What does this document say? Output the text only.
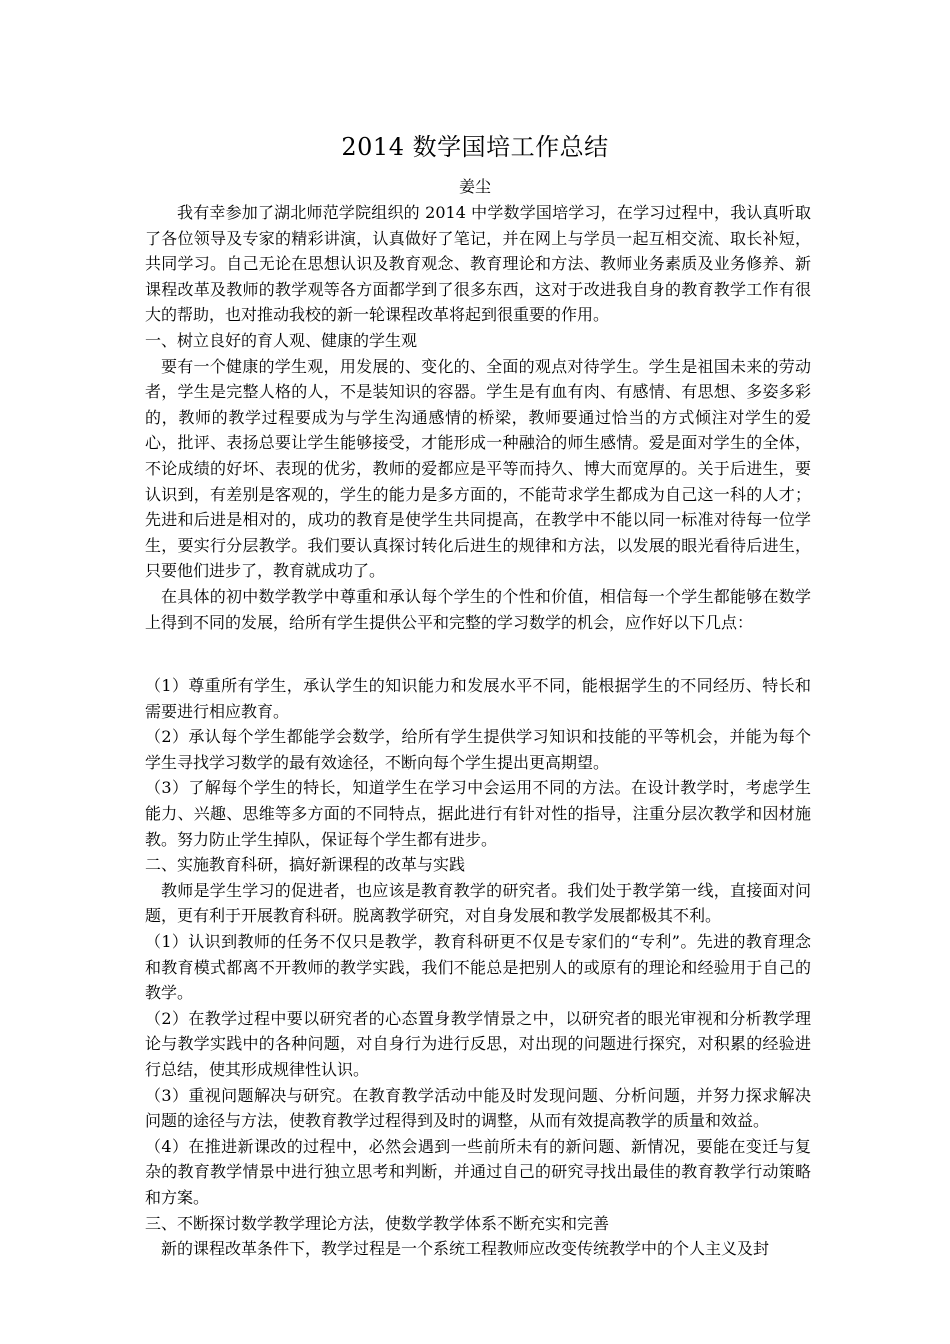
2014 数学国培工作总结
姜尘

我有幸参加了湖北师范学院组织的 2014 中学数学国培学习，在学习过程中，我认真听取了各位领导及专家的精彩讲演，认真做好了笔记，并在网上与学员一起互相交流、取长补短，共同学习。自己无论在思想认识及教育观念、教育理论和方法、教师业务素质及业务修养、新课程改革及教师的教学观等各方面都学到了很多东西，这对于改进我自身的教育教学工作有很大的帮助，也对推动我校的新一轮课程改革将起到很重要的作用。

一、树立良好的育人观、健康的学生观

要有一个健康的学生观，用发展的、变化的、全面的观点对待学生。学生是祖国未来的劳动者，学生是完整人格的人，不是装知识的容器。学生是有血有肉、有感情、有思想、多姿多彩的，教师的教学过程要成为与学生沟通感情的桥梁，教师要通过恰当的方式倾注对学生的爱心，批评、表扬总要让学生能够接受，才能形成一种融洽的师生感情。爱是面对学生的全体，不论成绩的好坏、表现的优劣，教师的爱都应是平等而持久、博大而宽厚的。关于后进生，要认识到，有差别是客观的，学生的能力是多方面的，不能苛求学生都成为自己这一科的人才；先进和后进是相对的，成功的教育是使学生共同提高，在教学中不能以同一标准对待每一位学生，要实行分层教学。我们要认真探讨转化后进生的规律和方法，以发展的眼光看待后进生，只要他们进步了，教育就成功了。

在具体的初中数学教学中尊重和承认每个学生的个性和价值，相信每一个学生都能够在数学上得到不同的发展，给所有学生提供公平和完整的学习数学的机会，应作好以下几点：

（1）尊重所有学生，承认学生的知识能力和发展水平不同，能根据学生的不同经历、特长和需要进行相应教育。

（2）承认每个学生都能学会数学，给所有学生提供学习知识和技能的平等机会，并能为每个学生寻找学习数学的最有效途径，不断向每个学生提出更高期望。

（3）了解每个学生的特长，知道学生在学习中会运用不同的方法。在设计教学时，考虑学生能力、兴趣、思维等多方面的不同特点，据此进行有针对性的指导，注重分层次教学和因材施教。努力防止学生掉队，保证每个学生都有进步。

二、实施教育科研，搞好新课程的改革与实践

教师是学生学习的促进者，也应该是教育教学的研究者。我们处于教学第一线，直接面对问题，更有利于开展教育科研。脱离教学研究，对自身发展和教学发展都极其不利。

（1）认识到教师的任务不仅只是教学，教育科研更不仅是专家们的“专利”。先进的教育理念和教育模式都离不开教师的教学实践，我们不能总是把别人的或原有的理论和经验用于自己的教学。

（2）在教学过程中要以研究者的心态置身教学情景之中，以研究者的眼光审视和分析教学理论与教学实践中的各种问题，对自身行为进行反思，对出现的问题进行探究，对积累的经验进行总结，使其形成规律性认识。

（3）重视问题解决与研究。在教育教学活动中能及时发现问题、分析问题，并努力探求解决问题的途径与方法，使教育教学过程得到及时的调整，从而有效提高教学的质量和效益。

（4）在推进新课改的过程中，必然会遇到一些前所未有的新问题、新情况，要能在变迁与复杂的教育教学情景中进行独立思考和判断，并通过自己的研究寻找出最佳的教育教学行动策略和方案。

三、不断探讨数学教学理论方法，使数学教学体系不断充实和完善

新的课程改革条件下，教学过程是一个系统工程教师应改变传统教学中的个人主义及封
